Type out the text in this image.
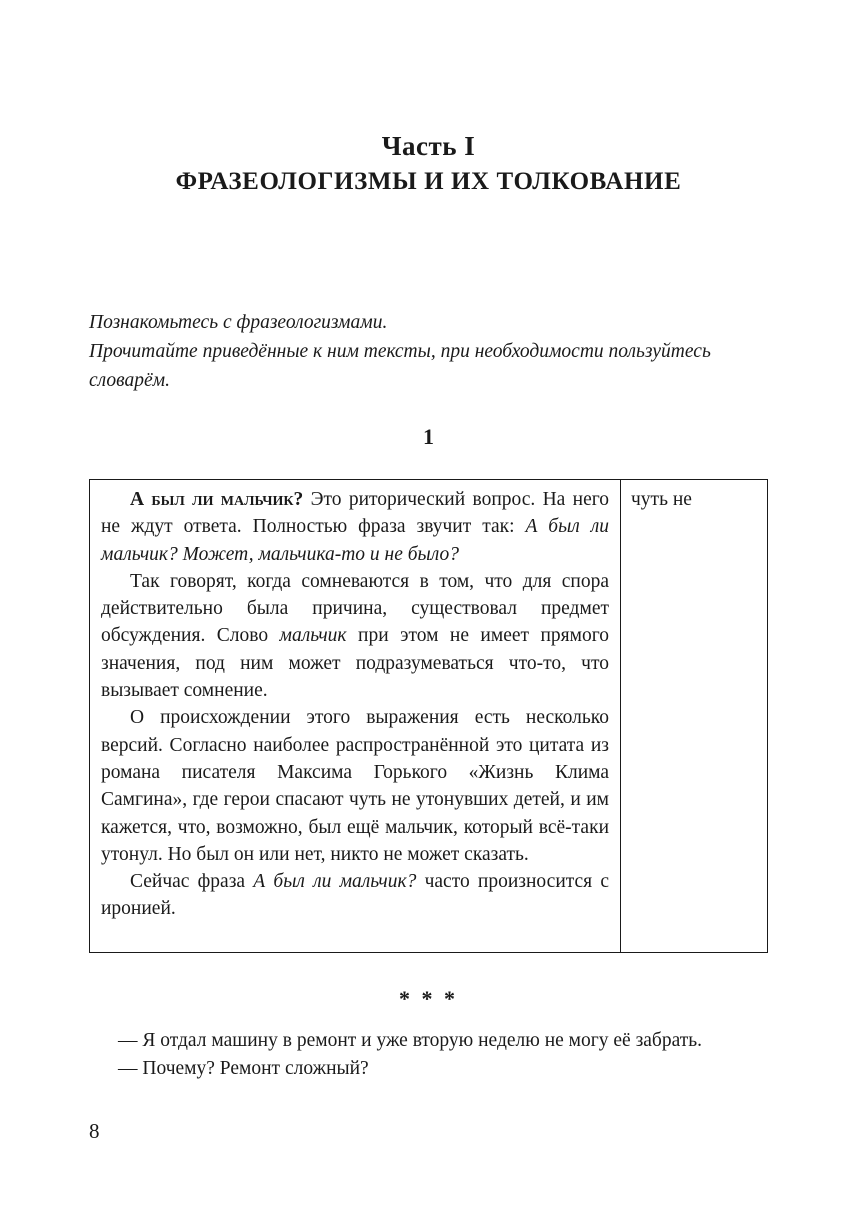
Часть I
ФРАЗЕОЛОГИЗМЫ И ИХ ТОЛКОВАНИЕ

Познакомьтесь с фразеологизмами.

Прочитайте приведённые к ним тексты, при необходимости пользуйтесь словарём.

1

А был ли мальчик? Это риторический вопрос. На него не ждут ответа. Полностью фраза звучит так: А был ли мальчик? Может, мальчика-то и не было?

Так говорят, когда сомневаются в том, что для спора действительно была причина, существовал предмет обсуждения. Слово мальчик при этом не имеет прямого значения, под ним может подразумеваться что-то, что вызывает сомнение.

О происхождении этого выражения есть несколько версий. Согласно наиболее распространённой это цитата из романа писателя Максима Горького «Жизнь Клима Самгина», где герои спасают чуть не утонувших детей, и им кажется, что, возможно, был ещё мальчик, который всё-таки утонул. Но был он или нет, никто не может сказать.

Сейчас фраза А был ли мальчик? часто произносится с иронией.

чуть не
* * *

— Я отдал машину в ремонт и уже вторую неделю не могу её забрать.

— Почему? Ремонт сложный?

8
